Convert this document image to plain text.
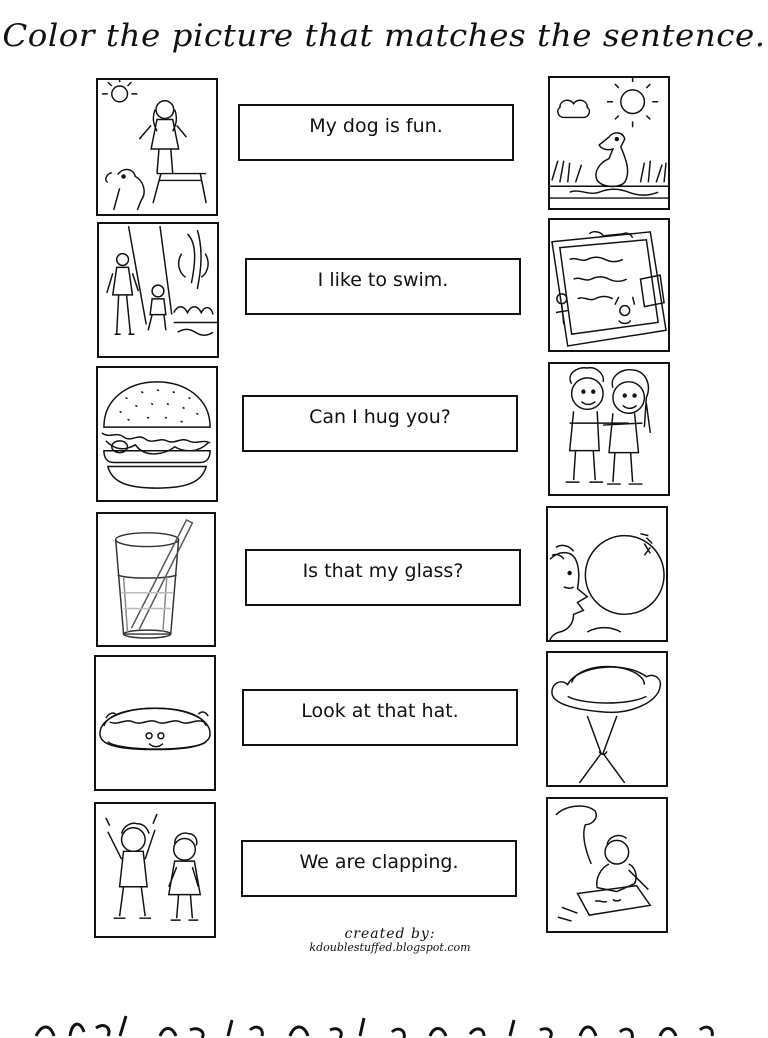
Color the picture that matches the sentence.
My dog is fun.
I like to swim.
Can I hug you?
Is that my glass?
Look at that hat.
We are clapping.
created by:
kdoublestuffed.blogspot.com
